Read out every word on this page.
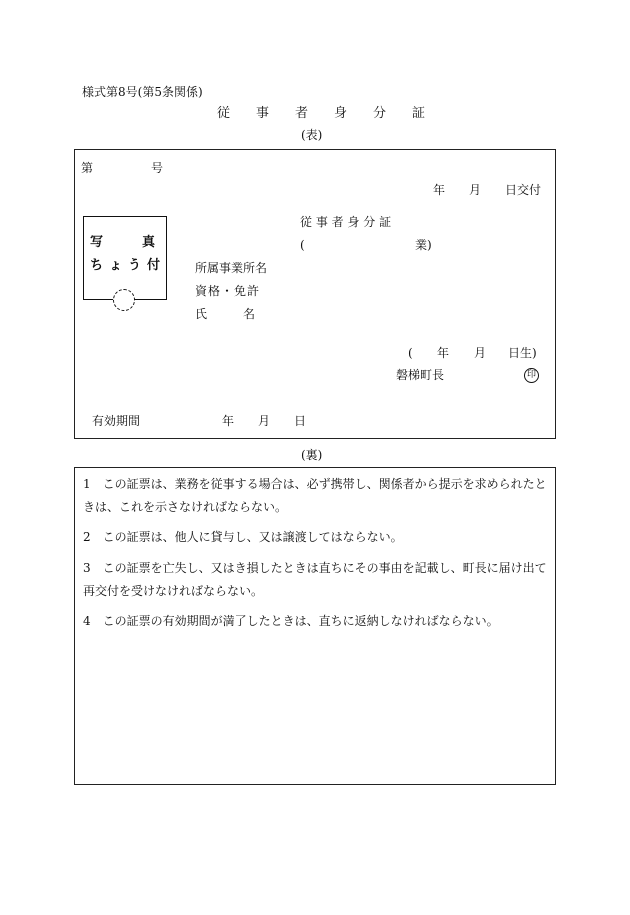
様式第8号(第5条関係)
従　　事　　者　　身　　分　　証
(表)
第	号
年 月 日交付
写　　　真
ちょう付
従 事 者 身 分 証
(	業)
所属事業所名
資格・免許
氏　　　名
( 年 月 日生)
磐梯町長	印
有効期間	年 月 日
(裏)
1　この証票は、業務を従事する場合は、必ず携帯し、関係者から提示を求められたときは、これを示さなければならない。
2　この証票は、他人に貸与し、又は譲渡してはならない。
3　この証票を亡失し、又はき損したときは直ちにその事由を記載し、町長に届け出て再交付を受けなければならない。
4　この証票の有効期間が満了したときは、直ちに返納しなければならない。
